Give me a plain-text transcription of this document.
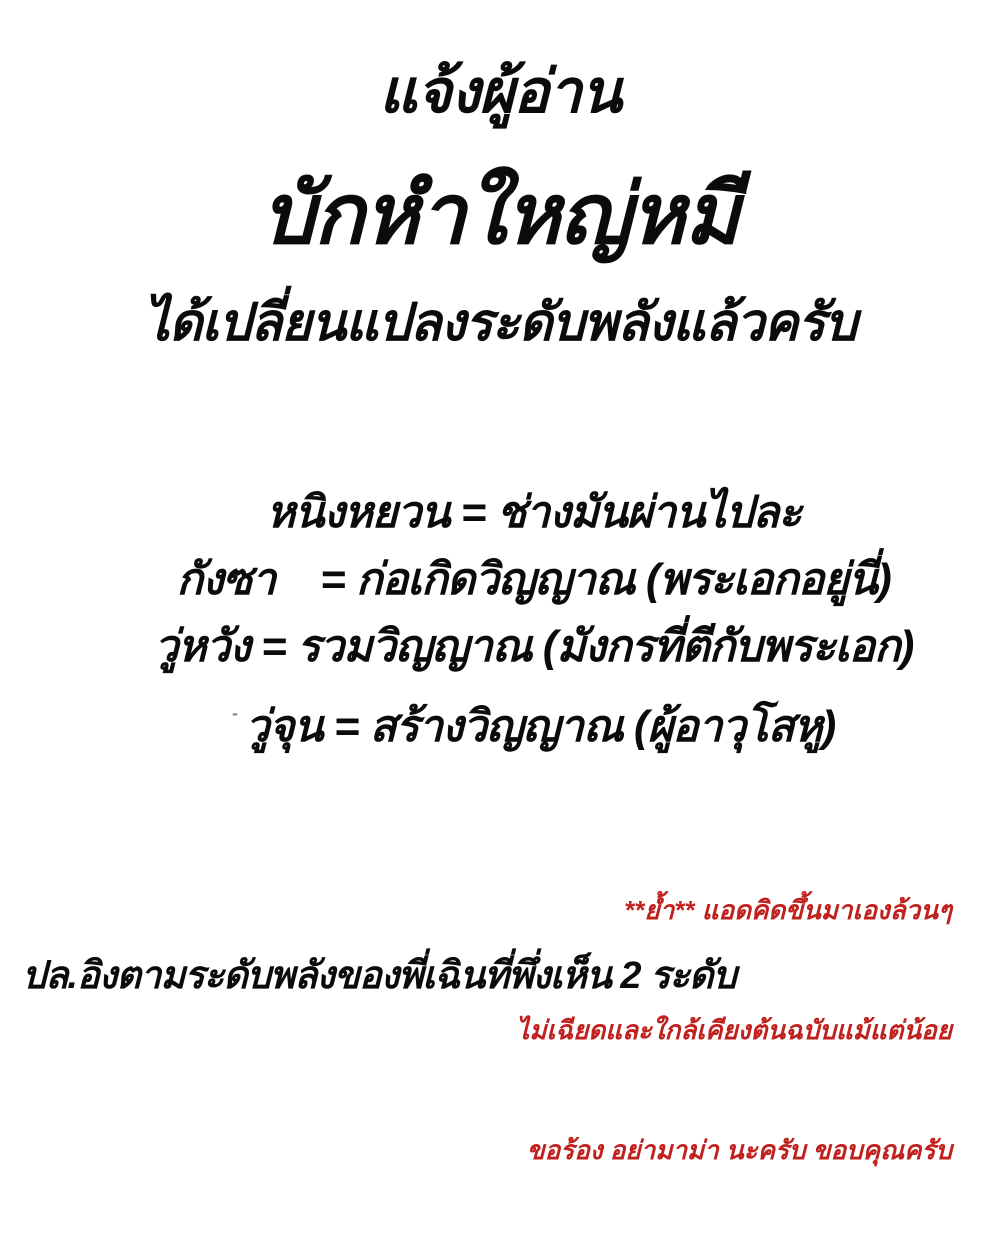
แจ้งผู้อ่าน
บักหำใหญ่หมี
ได้เปลี่ยนแปลงระดับพลังแล้วครับ

หนิงหยวน = ช่างมันผ่านไปละ

กังซา    = ก่อเกิดวิญญาณ (พระเอกอยู่นี่)

วู่หวัง = รวมวิญญาณ (มังกรที่ตีกับพระเอก)

- วู่จุน = สร้างวิญญาณ (ผู้อาวุโสหู)

**ย้ำ** แอดคิดขึ้นมาเองล้วนๆ

ไม่เฉียดและใกล้เคียงต้นฉบับแม้แต่น้อย

ขอร้อง อย่ามาม่า นะครับ ขอบคุณครับ

ปล.อิงตามระดับพลังของพี่เฉินที่พึ่งเห็น 2 ระดับ
